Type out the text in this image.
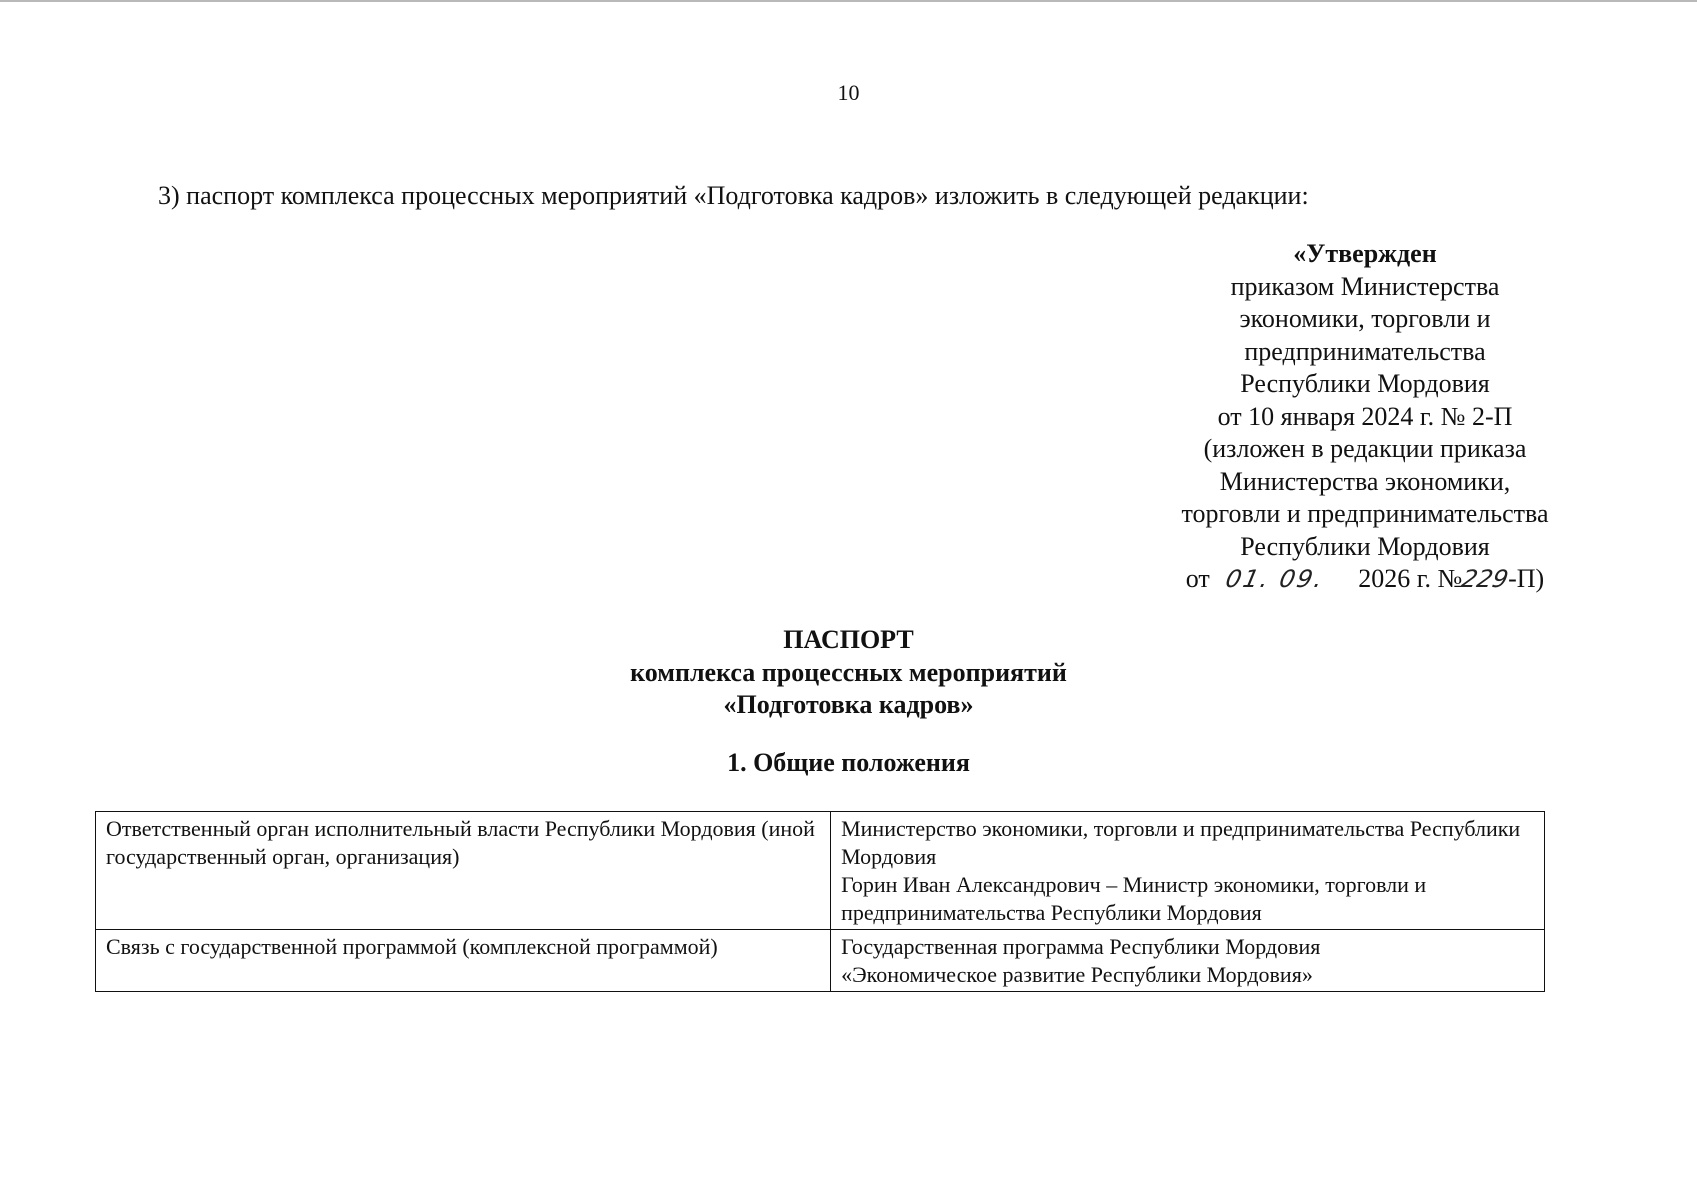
10
3) паспорт комплекса процессных мероприятий «Подготовка кадров» изложить в следующей редакции:
«Утвержден
приказом Министерства
экономики, торговли и
предпринимательства
Республики Мордовия
от 10 января 2024 г. № 2-П
(изложен в редакции приказа
Министерства экономики,
торговли и предпринимательства
Республики Мордовия
от 01. 09. 2026 г. №229-П)
ПАСПОРТ
комплекса процессных мероприятий
«Подготовка кадров»
1. Общие положения
Ответственный орган исполнительный власти Республики Мордовия (иной государственный орган, организация)	Министерство экономики, торговли и предпринимательства Республики Мордовия
Горин Иван Александрович – Министр экономики, торговли и предпринимательства Республики Мордовия

Связь с государственной программой (комплексной программой)	Государственная программа Республики Мордовия
«Экономическое развитие Республики Мордовия»
